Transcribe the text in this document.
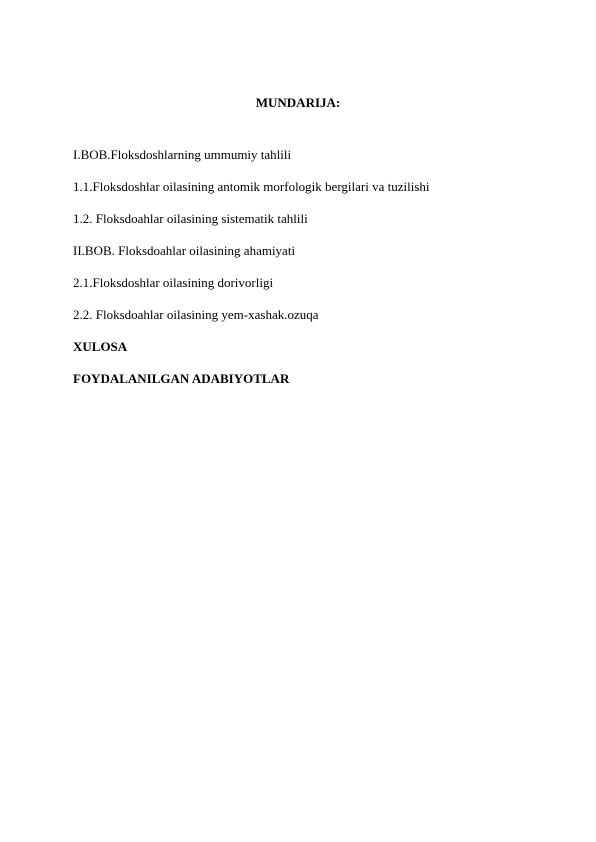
MUNDARIJA:
I.BOB.Floksdoshlarning ummumiy tahlili
1.1.Floksdoshlar oilasining antomik morfologik bergilari va tuzilishi
1.2. Floksdoahlar oilasining sistematik tahlili
II.BOB. Floksdoahlar oilasining ahamiyati
2.1.Floksdoshlar oilasining dorivorligi
2.2. Floksdoahlar oilasining yem-xashak.ozuqa
XULOSA
FOYDALANILGAN ADABIYOTLAR
